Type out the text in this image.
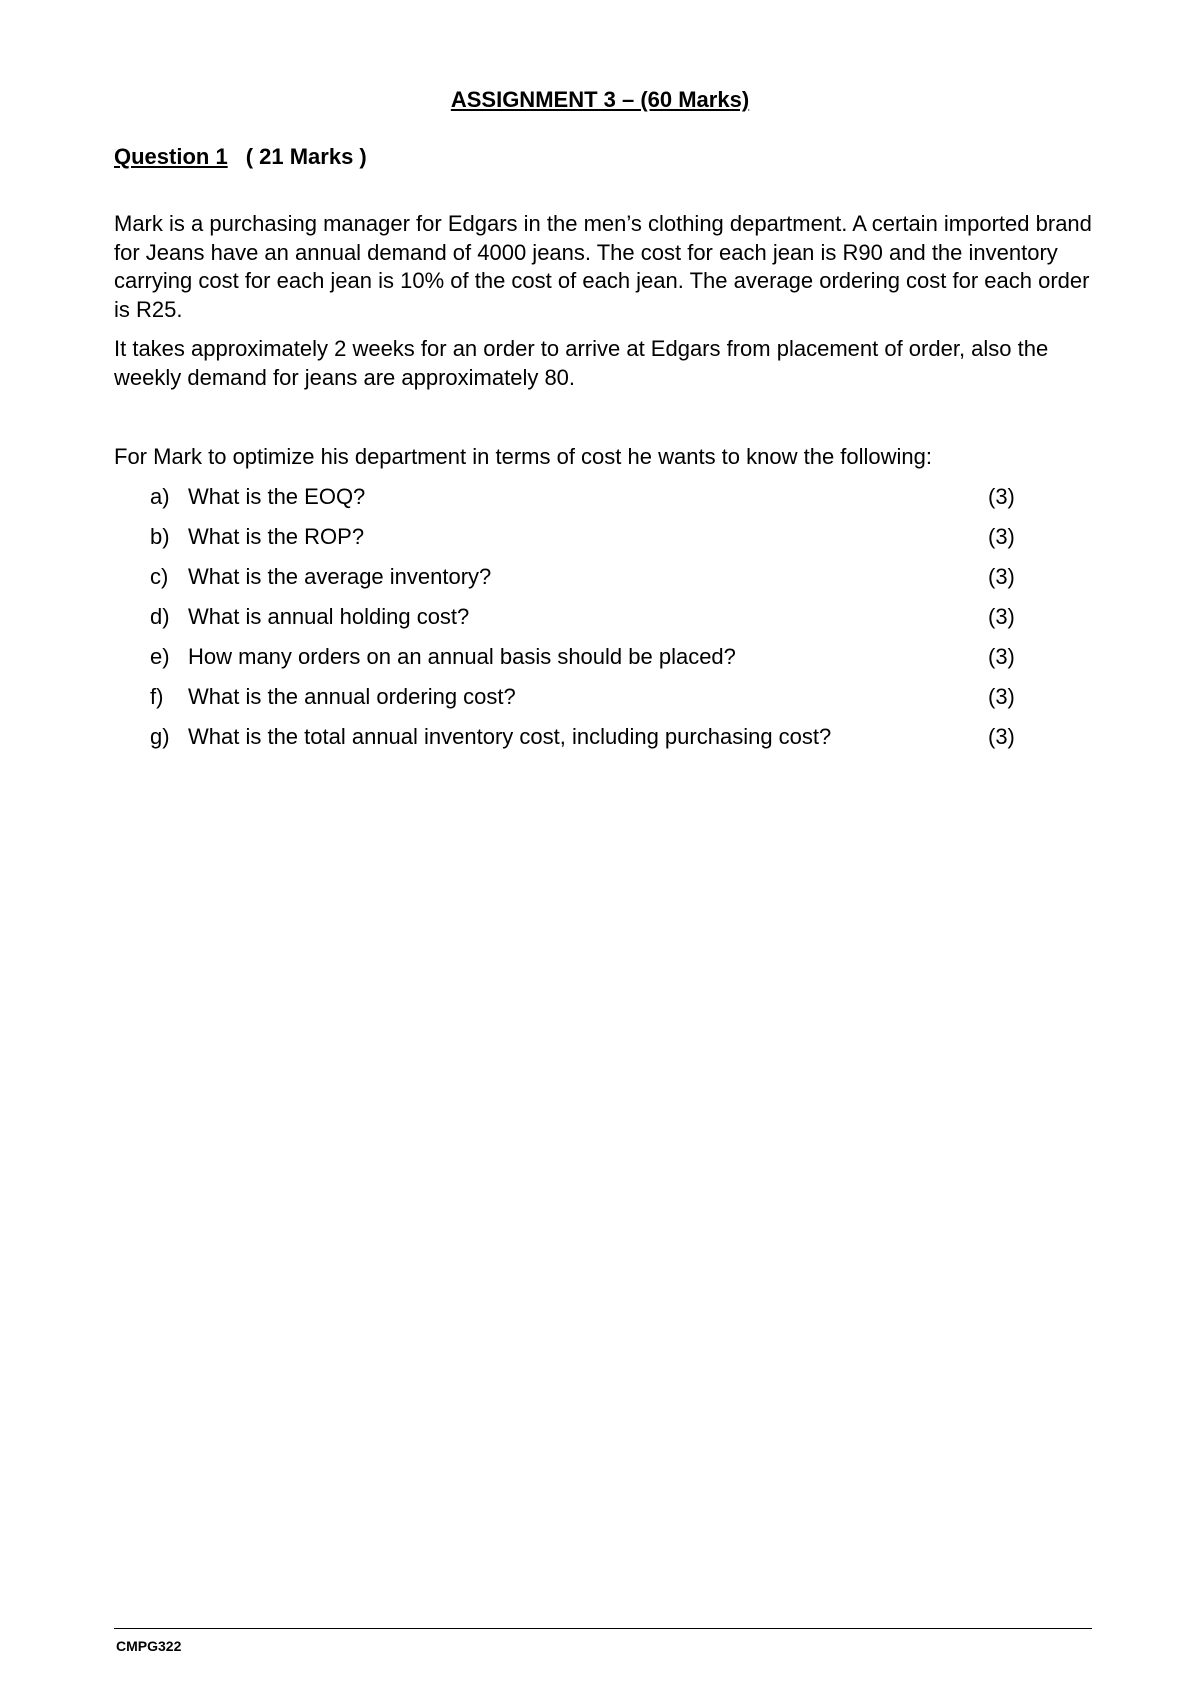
ASSIGNMENT 3 – (60 Marks)
Question 1 ( 21 Marks )
Mark is a purchasing manager for Edgars in the men’s clothing department. A certain imported brand for Jeans have an annual demand of 4000 jeans. The cost for each jean is R90 and the inventory carrying cost for each jean is 10% of the cost of each jean. The average ordering cost for each order is R25.
It takes approximately 2 weeks for an order to arrive at Edgars from placement of order, also the weekly demand for jeans are approximately 80.
For Mark to optimize his department in terms of cost he wants to know the following:
a) What is the EOQ?	(3)
b) What is the ROP?	(3)
c) What is the average inventory?	(3)
d) What is annual holding cost?	(3)
e) How many orders on an annual basis should be placed?	(3)
f) What is the annual ordering cost?	(3)
g) What is the total annual inventory cost, including purchasing cost?	(3)
CMPG322
